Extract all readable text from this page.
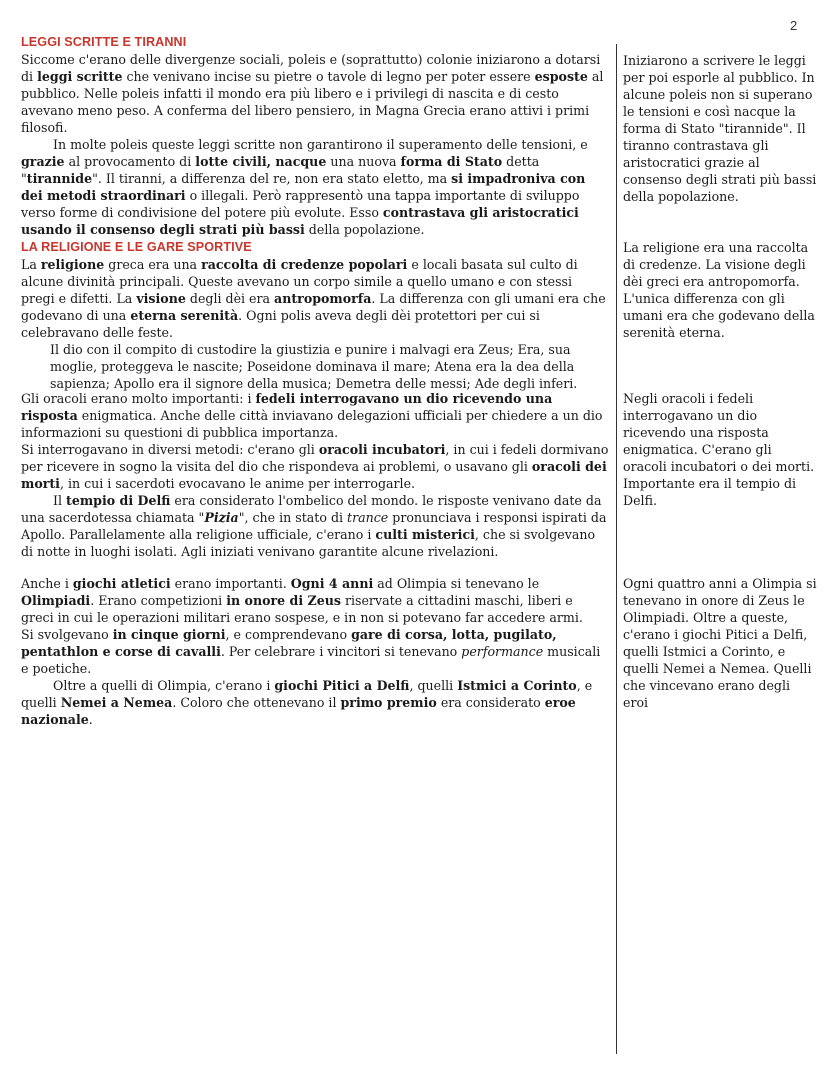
2
LEGGI SCRITTE E TIRANNI

Siccome c'erano delle divergenze sociali, poleis e (soprattutto) colonie iniziarono a dotarsi di leggi scritte che venivano incise su pietre o tavole di legno per poter essere esposte al pubblico. Nelle poleis infatti il mondo era più libero e i privilegi di nascita e di cesto avevano meno peso. A conferma del libero pensiero, in Magna Grecia erano attivi i primi filosofi.

In molte poleis queste leggi scritte non garantirono il superamento delle tensioni, e grazie al provocamento di lotte civili, nacque una nuova forma di Stato detta "tirannide". Il tiranni, a differenza del re, non era stato eletto, ma si impadroniva con dei metodi straordinari o illegali. Però rappresentò una tappa importante di sviluppo verso forme di condivisione del potere più evolute. Esso contrastava gli aristocratici usando il consenso degli strati più bassi della popolazione.

LA RELIGIONE E LE GARE SPORTIVE

La religione greca era una raccolta di credenze popolari e locali basata sul culto di alcune divinità principali. Queste avevano un corpo simile a quello umano e con stessi pregi e difetti. La visione degli dèi era antropomorfa. La differenza con gli umani era che godevano di una eterna serenità. Ogni polis aveva degli dèi protettori per cui si celebravano delle feste.

Il dio con il compito di custodire la giustizia e punire i malvagi era Zeus; Era, sua moglie, proteggeva le nascite; Poseidone dominava il mare; Atena era la dea della sapienza; Apollo era il signore della musica; Demetra delle messi; Ade degli inferi.

Gli oracoli erano molto importanti: i fedeli interrogavano un dio ricevendo una risposta enigmatica. Anche delle città inviavano delegazioni ufficiali per chiedere a un dio informazioni su questioni di pubblica importanza.

Si interrogavano in diversi metodi: c'erano gli oracoli incubatori, in cui i fedeli dormivano per ricevere in sogno la visita del dio che rispondeva ai problemi, o usavano gli oracoli dei morti, in cui i sacerdoti evocavano le anime per interrogarle.

Il tempio di Delfi era considerato l'ombelico del mondo. le risposte venivano date da una sacerdotessa chiamata "Pizia", che in stato di trance pronunciava i responsi ispirati da Apollo. Parallelamente alla religione ufficiale, c'erano i culti misterici, che si svolgevano di notte in luoghi isolati. Agli iniziati venivano garantite alcune rivelazioni.

Anche i giochi atletici erano importanti. Ogni 4 anni ad Olimpia si tenevano le Olimpiadi. Erano competizioni in onore di Zeus riservate a cittadini maschi, liberi e greci in cui le operazioni militari erano sospese, e in non si potevano far accedere armi.

Si svolgevano in cinque giorni, e comprendevano gare di corsa, lotta, pugilato, pentathlon e corse di cavalli. Per celebrare i vincitori si tenevano performance musicali e poetiche.

Oltre a quelli di Olimpia, c'erano i giochi Pitici a Delfi, quelli Istmici a Corinto, e quelli Nemei a Nemea. Coloro che ottenevano il primo premio era considerato eroe nazionale.

Iniziarono a scrivere le leggi per poi esporle al pubblico. In alcune poleis non si superano le tensioni e così nacque la forma di Stato "tirannide". Il tiranno contrastava gli aristocratici grazie al consenso degli strati più bassi della popolazione.

La religione era una raccolta di credenze. La visione degli dèi greci era antropomorfa. L'unica differenza con gli umani era che godevano della serenità eterna.

Negli oracoli i fedeli interrogavano un dio ricevendo una risposta enigmatica. C'erano gli oracoli incubatori o dei morti. Importante era il tempio di Delfi.

Ogni quattro anni a Olimpia si tenevano in onore di Zeus le Olimpiadi. Oltre a queste, c'erano i giochi Pitici a Delfi, quelli Istmici a Corinto, e quelli Nemei a Nemea. Quelli che vincevano erano degli eroi
